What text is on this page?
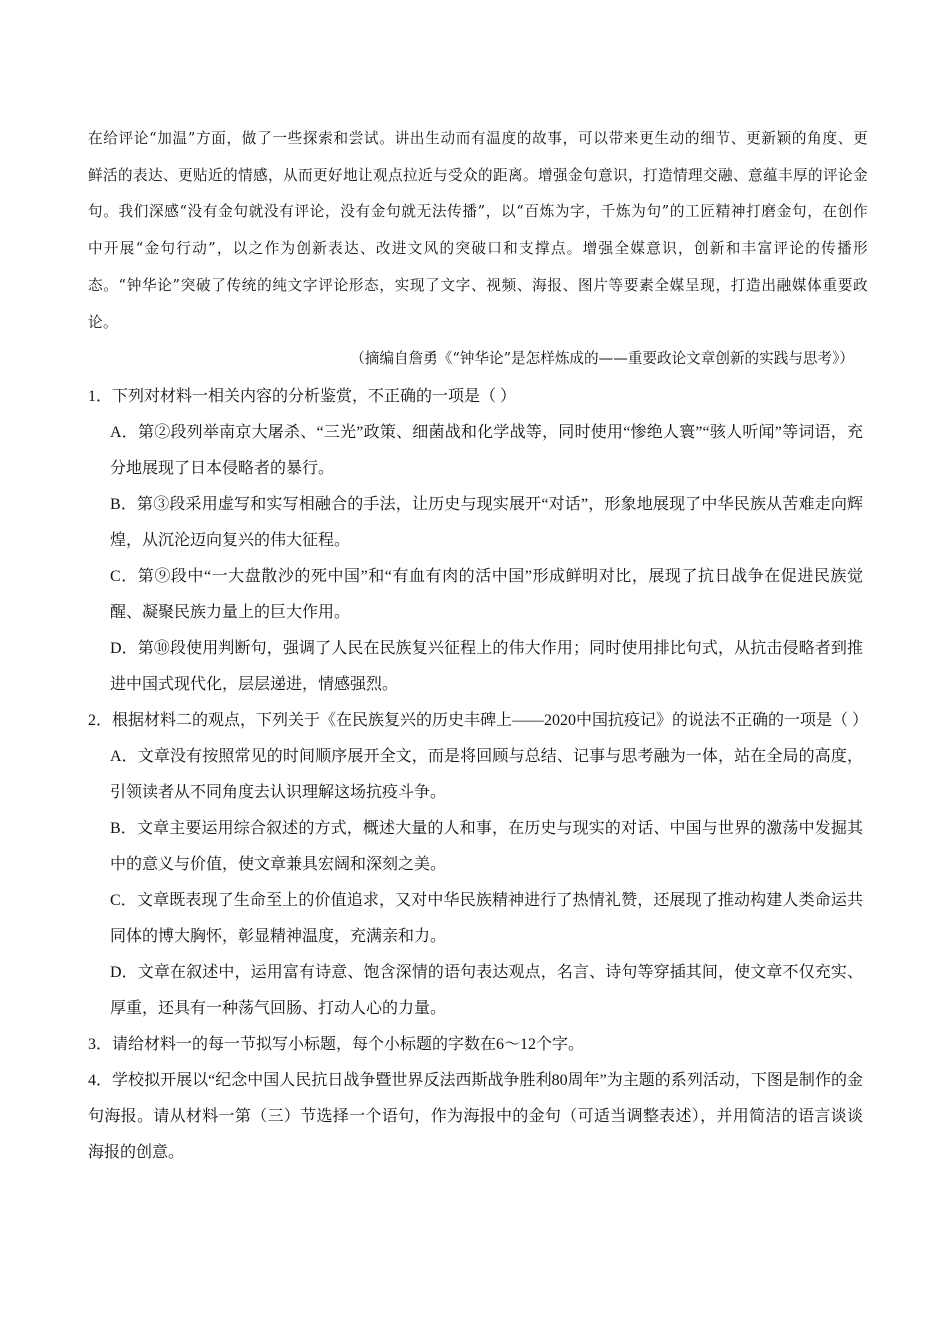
在给评论“加温”方面，做了一些探索和尝试。讲出生动而有温度的故事，可以带来更生动的细节、更新颖的角度、更鲜活的表达、更贴近的情感，从而更好地让观点拉近与受众的距离。增强金句意识，打造情理交融、意蕴丰厚的评论金句。我们深感“没有金句就没有评论，没有金句就无法传播”，以“百炼为字，千炼为句”的工匠精神打磨金句，在创作中开展“金句行动”，以之作为创新表达、改进文风的突破口和支撑点。增强全媒意识，创新和丰富评论的传播形态。“钟华论”突破了传统的纯文字评论形态，实现了文字、视频、海报、图片等要素全媒呈现，打造出融媒体重要政论。

（摘编自詹勇《“钟华论”是怎样炼成的——重要政论文章创新的实践与思考》）

1．下列对材料一相关内容的分析鉴赏，不正确的一项是（ ）

A．第②段列举南京大屠杀、“三光”政策、细菌战和化学战等，同时使用“惨绝人寰”“骇人听闻”等词语，充分地展现了日本侵略者的暴行。

B．第③段采用虚写和实写相融合的手法，让历史与现实展开“对话”，形象地展现了中华民族从苦难走向辉煌，从沉沦迈向复兴的伟大征程。

C．第⑨段中“一大盘散沙的死中国”和“有血有肉的活中国”形成鲜明对比，展现了抗日战争在促进民族觉醒、凝聚民族力量上的巨大作用。

D．第⑩段使用判断句，强调了人民在民族复兴征程上的伟大作用；同时使用排比句式，从抗击侵略者到推进中国式现代化，层层递进，情感强烈。

2．根据材料二的观点，下列关于《在民族复兴的历史丰碑上——2020中国抗疫记》的说法不正确的一项是（ ）

A．文章没有按照常见的时间顺序展开全文，而是将回顾与总结、记事与思考融为一体，站在全局的高度，引领读者从不同角度去认识理解这场抗疫斗争。

B．文章主要运用综合叙述的方式，概述大量的人和事，在历史与现实的对话、中国与世界的激荡中发掘其中的意义与价值，使文章兼具宏阔和深刻之美。

C．文章既表现了生命至上的价值追求，又对中华民族精神进行了热情礼赞，还展现了推动构建人类命运共同体的博大胸怀，彰显精神温度，充满亲和力。

D．文章在叙述中，运用富有诗意、饱含深情的语句表达观点，名言、诗句等穿插其间，使文章不仅充实、厚重，还具有一种荡气回肠、打动人心的力量。

3．请给材料一的每一节拟写小标题，每个小标题的字数在6～12个字。

4．学校拟开展以“纪念中国人民抗日战争暨世界反法西斯战争胜利80周年”为主题的系列活动，下图是制作的金句海报。请从材料一第（三）节选择一个语句，作为海报中的金句（可适当调整表述），并用简洁的语言谈谈海报的创意。
